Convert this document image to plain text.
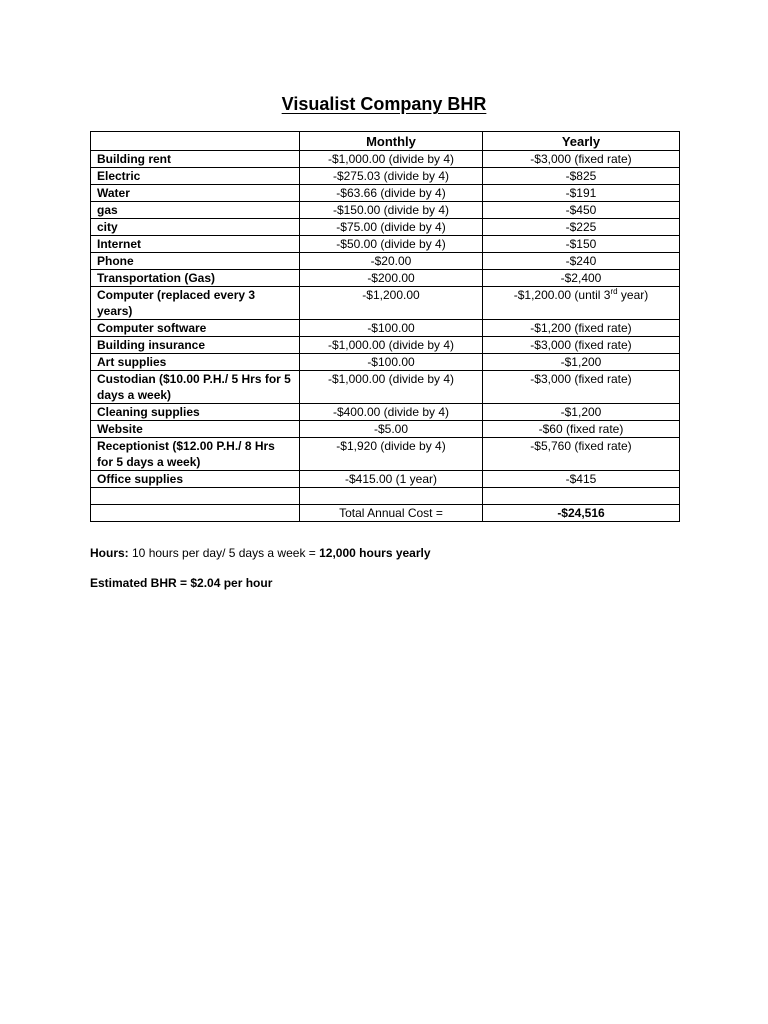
Visualist Company BHR
	Monthly	Yearly
Building rent	-$1,000.00 (divide by 4)	-$3,000 (fixed rate)
Electric	-$275.03 (divide by 4)	-$825
Water	-$63.66 (divide by 4)	-$191
gas	-$150.00 (divide by 4)	-$450
city	-$75.00 (divide by 4)	-$225
Internet	-$50.00 (divide by 4)	-$150
Phone	-$20.00	-$240
Transportation (Gas)	-$200.00	-$2,400
Computer (replaced every 3 years)	-$1,200.00	-$1,200.00 (until 3rd year)
Computer software	-$100.00	-$1,200 (fixed rate)
Building insurance	-$1,000.00 (divide by 4)	-$3,000 (fixed rate)
Art supplies	-$100.00	-$1,200
Custodian ($10.00 P.H./ 5 Hrs for 5 days a week)	-$1,000.00 (divide by 4)	-$3,000 (fixed rate)
Cleaning supplies	-$400.00 (divide by 4)	-$1,200
Website	-$5.00	-$60 (fixed rate)
Receptionist ($12.00 P.H./ 8 Hrs for 5 days a week)	-$1,920 (divide by 4)	-$5,760 (fixed rate)
Office supplies	-$415.00 (1 year)	-$415

	Total Annual Cost =	-$24,516
Hours: 10 hours per day/ 5 days a week = 12,000 hours yearly
Estimated BHR = $2.04 per hour
